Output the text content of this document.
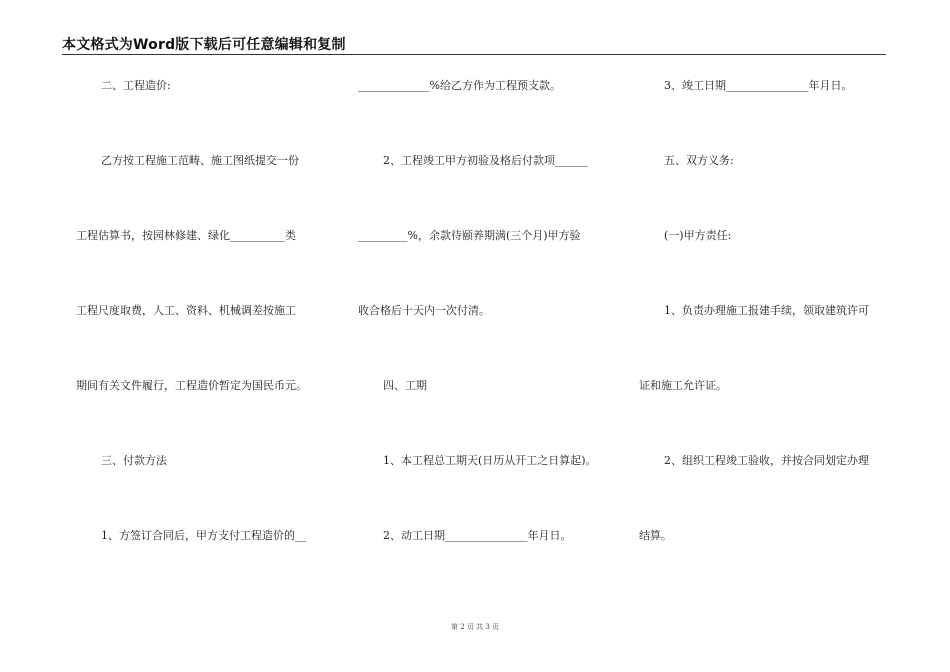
本文格式为Word版下载后可任意编辑和复制
二、工程造价:
乙方按工程施工范畴、施工图纸提交一份
工程估算书，按园林修建、绿化__________类
工程尺度取费，人工、资料、机械调差按施工
期间有关文件履行，工程造价暂定为国民币元。
三、付款方法
1、方签订合同后，甲方支付工程造价的__
_____________%给乙方作为工程预支款。
2、工程竣工甲方初验及格后付款项______
_________%，余款待颐养期满(三个月)甲方验
收合格后十天内一次付清。
四、工期
1、本工程总工期天(日历从开工之日算起)。
2、动工日期_______________年月日。
3、竣工日期_______________年月日。
五、双方义务:
(一)甲方责任:
1、负责办理施工报建手续，领取建筑许可
证和施工允许证。
2、组织工程竣工验收，并按合同划定办理
结算。
第 2 页 共 3 页
